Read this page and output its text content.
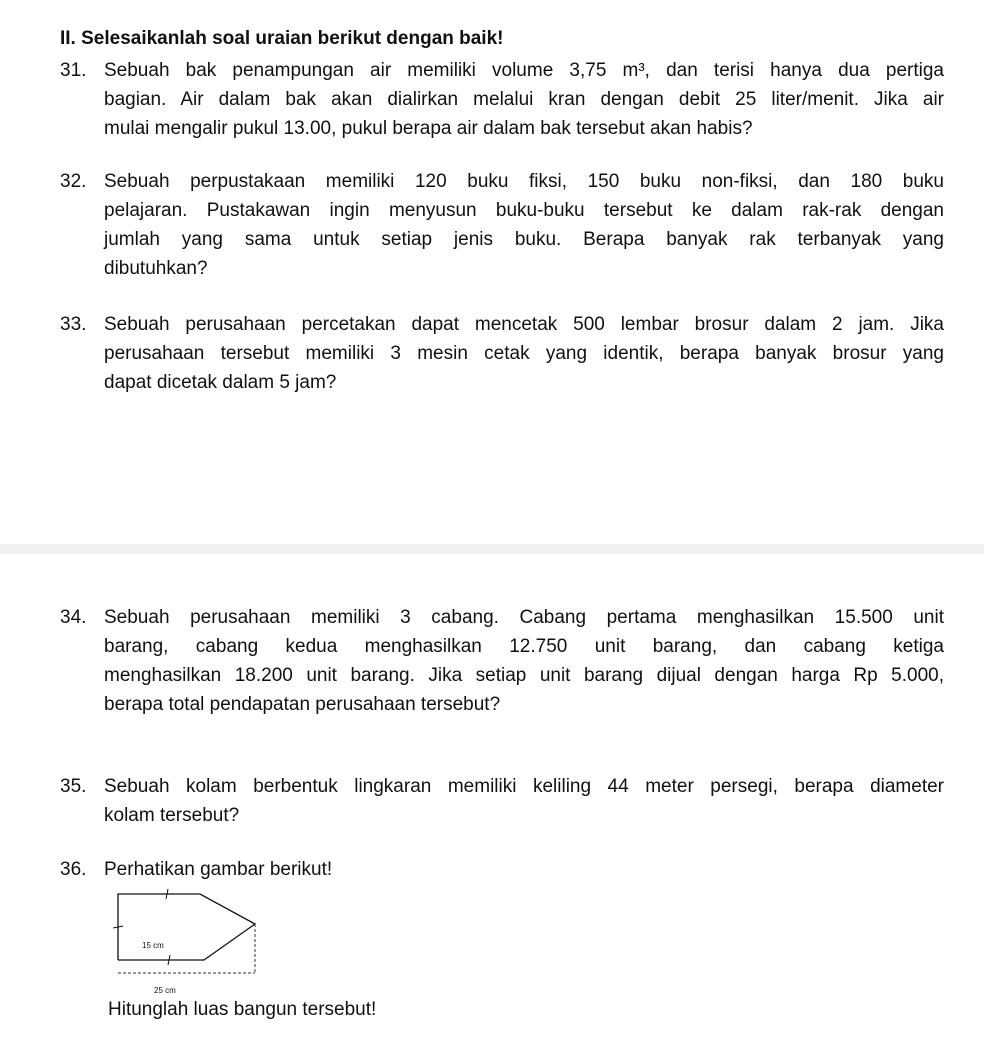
II. Selesaikanlah soal uraian berikut dengan baik!
31. Sebuah bak penampungan air memiliki volume 3,75 m³, dan terisi hanya dua pertiga
bagian. Air dalam bak akan dialirkan melalui kran dengan debit 25 liter/menit. Jika air
mulai mengalir pukul 13.00, pukul berapa air dalam bak tersebut akan habis?
32. Sebuah perpustakaan memiliki 120 buku fiksi, 150 buku non-fiksi, dan 180 buku
pelajaran. Pustakawan ingin menyusun buku-buku tersebut ke dalam rak-rak dengan
jumlah yang sama untuk setiap jenis buku. Berapa banyak rak terbanyak yang
dibutuhkan?
33. Sebuah perusahaan percetakan dapat mencetak 500 lembar brosur dalam 2 jam. Jika
perusahaan tersebut memiliki 3 mesin cetak yang identik, berapa banyak brosur yang
dapat dicetak dalam 5 jam?
34. Sebuah perusahaan memiliki 3 cabang. Cabang pertama menghasilkan 15.500 unit
barang, cabang kedua menghasilkan 12.750 unit barang, dan cabang ketiga
menghasilkan 18.200 unit barang. Jika setiap unit barang dijual dengan harga Rp 5.000,
berapa total pendapatan perusahaan tersebut?
35. Sebuah kolam berbentuk lingkaran memiliki keliling 44 meter persegi, berapa diameter
kolam tersebut?
36. Perhatikan gambar berikut!
15 cm
25 cm
Hitunglah luas bangun tersebut!
